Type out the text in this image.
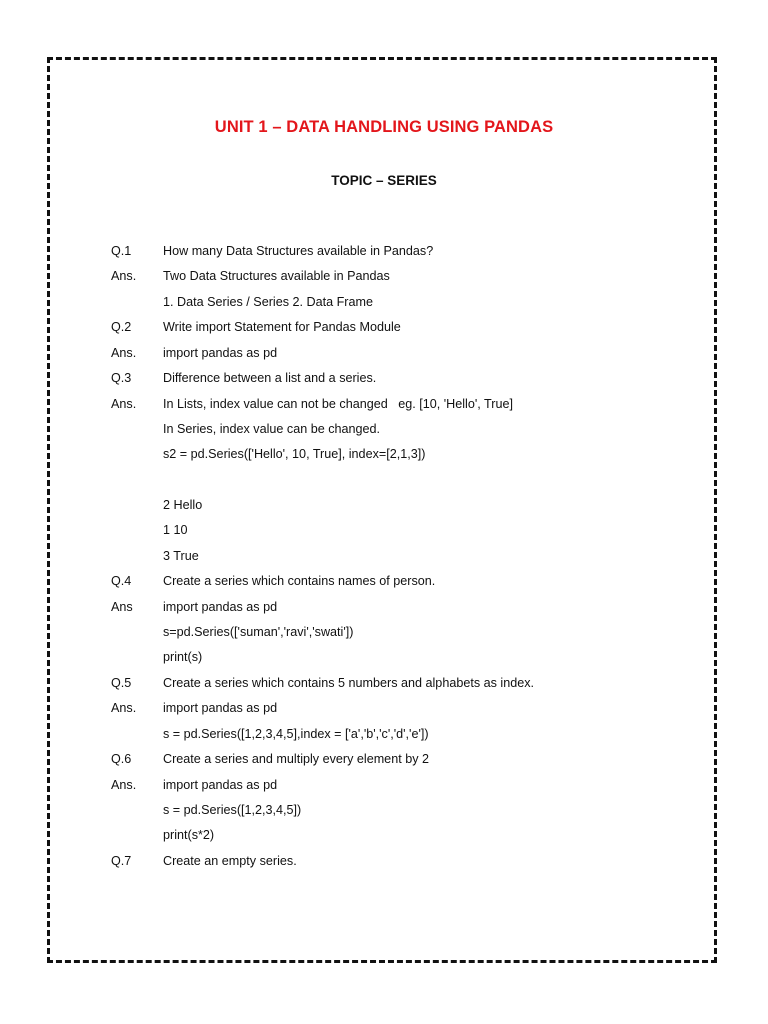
UNIT 1 – DATA HANDLING USING PANDAS
TOPIC – SERIES
Q.1	How many Data Structures available in Pandas?
Ans. Two Data Structures available in Pandas
1. Data Series / Series 2. Data Frame
Q.2	Write import Statement for Pandas Module
Ans. import pandas as pd
Q.3	Difference between a list and a series.
Ans. In Lists, index value can not be changed   eg. [10, 'Hello', True]
In Series, index value can be changed.
s2 = pd.Series(['Hello', 10, True], index=[2,1,3])
2 Hello
1 10
3 True
Q.4	Create a series which contains names of person.
Ans import pandas as pd
s=pd.Series(['suman','ravi','swati'])
print(s)
Q.5	Create a series which contains 5 numbers and alphabets as index.
Ans. import pandas as pd
s = pd.Series([1,2,3,4,5],index = ['a','b','c','d','e'])
Q.6	Create a series and multiply every element by 2
Ans. import pandas as pd
s = pd.Series([1,2,3,4,5])
print(s*2)
Q.7	Create an empty series.
